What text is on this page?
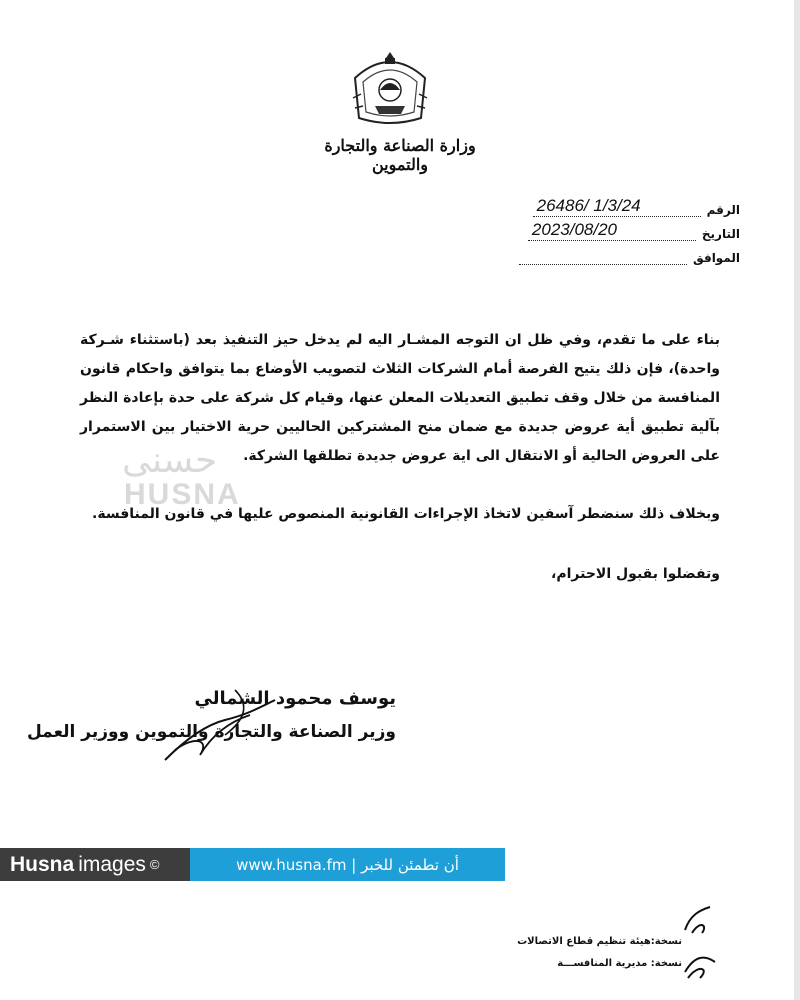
وزارة الصناعة والتجارة والتموين
الرقم
26486/ 1/3/24
التاريخ
2023/08/20
الموافق
حسنى
HUSNA
بناء على ما تقدم، وفي ظل ان التوجه المشـار اليه لم يدخل حيز التنفيذ بعد (باستثناء شـركة واحدة)، فإن ذلك يتيح الفرصة أمام الشركات الثلاث لتصويب الأوضاع بما يتوافق واحكام قانون المنافسة من خلال وقف تطبيق التعديلات المعلن عنها، وقيام كل شركة على حدة بإعادة النظر بآلية تطبيق أية عروض جديدة مع ضمان منح المشتركين الحاليين حرية الاختيار بين الاستمرار على العروض الحالية أو الانتقال الى اية عروض جديدة تطلقها الشركة.
وبخلاف ذلك سنضطر آسفين لاتخاذ الإجراءات القانونية المنصوص عليها في قانون المنافسة.
وتفضلوا بقبول الاحترام،
يوسف محمود الشمالي
وزير الصناعة والتجارة والتموين ووزير العمل
Husna images ©	أن تطمئن للخبر | www.husna.fm
نسخة:هيئة تنظيم قطاع الاتصالات
نسخة: مديرية المنافســـة
